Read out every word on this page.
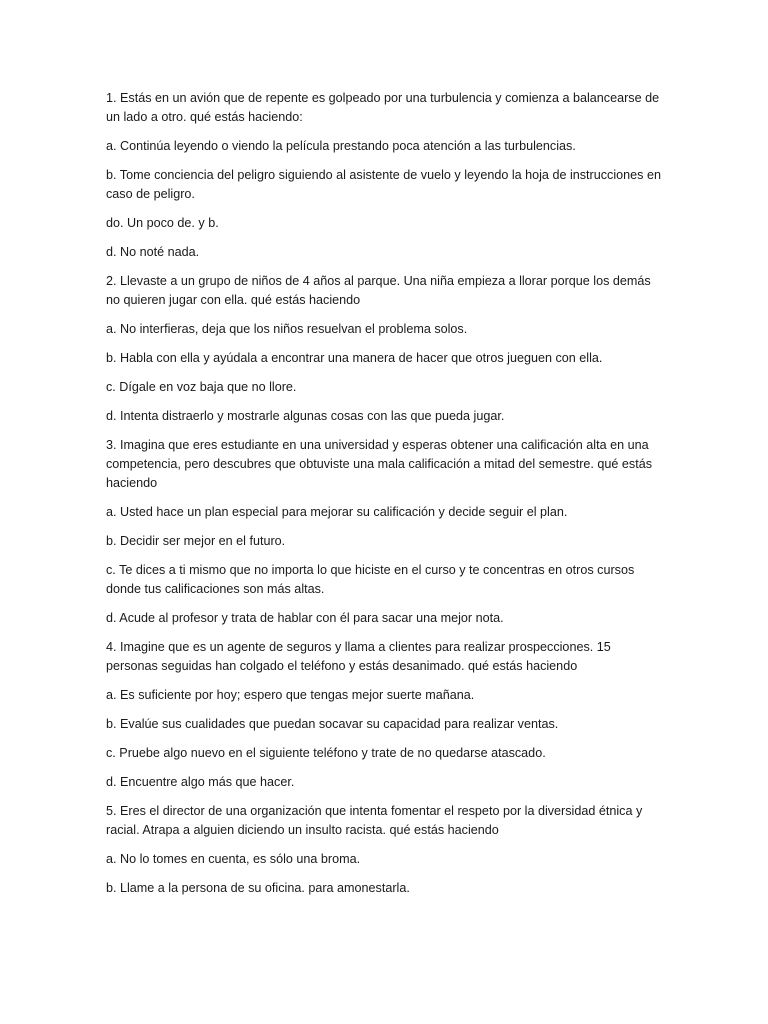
1. Estás en un avión que de repente es golpeado por una turbulencia y comienza a balancearse de un lado a otro. qué estás haciendo:

a. Continúa leyendo o viendo la película prestando poca atención a las turbulencias.

b. Tome conciencia del peligro siguiendo al asistente de vuelo y leyendo la hoja de instrucciones en caso de peligro.

do. Un poco de. y b.

d. No noté nada.

2. Llevaste a un grupo de niños de 4 años al parque. Una niña empieza a llorar porque los demás no quieren jugar con ella. qué estás haciendo

a. No interfieras, deja que los niños resuelvan el problema solos.

b. Habla con ella y ayúdala a encontrar una manera de hacer que otros jueguen con ella.

c. Dígale en voz baja que no llore.

d. Intenta distraerlo y mostrarle algunas cosas con las que pueda jugar.

3. Imagina que eres estudiante en una universidad y esperas obtener una calificación alta en una competencia, pero descubres que obtuviste una mala calificación a mitad del semestre. qué estás haciendo

a. Usted hace un plan especial para mejorar su calificación y decide seguir el plan.

b. Decidir ser mejor en el futuro.

c. Te dices a ti mismo que no importa lo que hiciste en el curso y te concentras en otros cursos donde tus calificaciones son más altas.

d. Acude al profesor y trata de hablar con él para sacar una mejor nota.

4. Imagine que es un agente de seguros y llama a clientes para realizar prospecciones. 15 personas seguidas han colgado el teléfono y estás desanimado. qué estás haciendo

a. Es suficiente por hoy; espero que tengas mejor suerte mañana.

b. Evalúe sus cualidades que puedan socavar su capacidad para realizar ventas.

c. Pruebe algo nuevo en el siguiente teléfono y trate de no quedarse atascado.

d. Encuentre algo más que hacer.

5. Eres el director de una organización que intenta fomentar el respeto por la diversidad étnica y racial. Atrapa a alguien diciendo un insulto racista. qué estás haciendo

a. No lo tomes en cuenta, es sólo una broma.

b. Llame a la persona de su oficina. para amonestarla.
